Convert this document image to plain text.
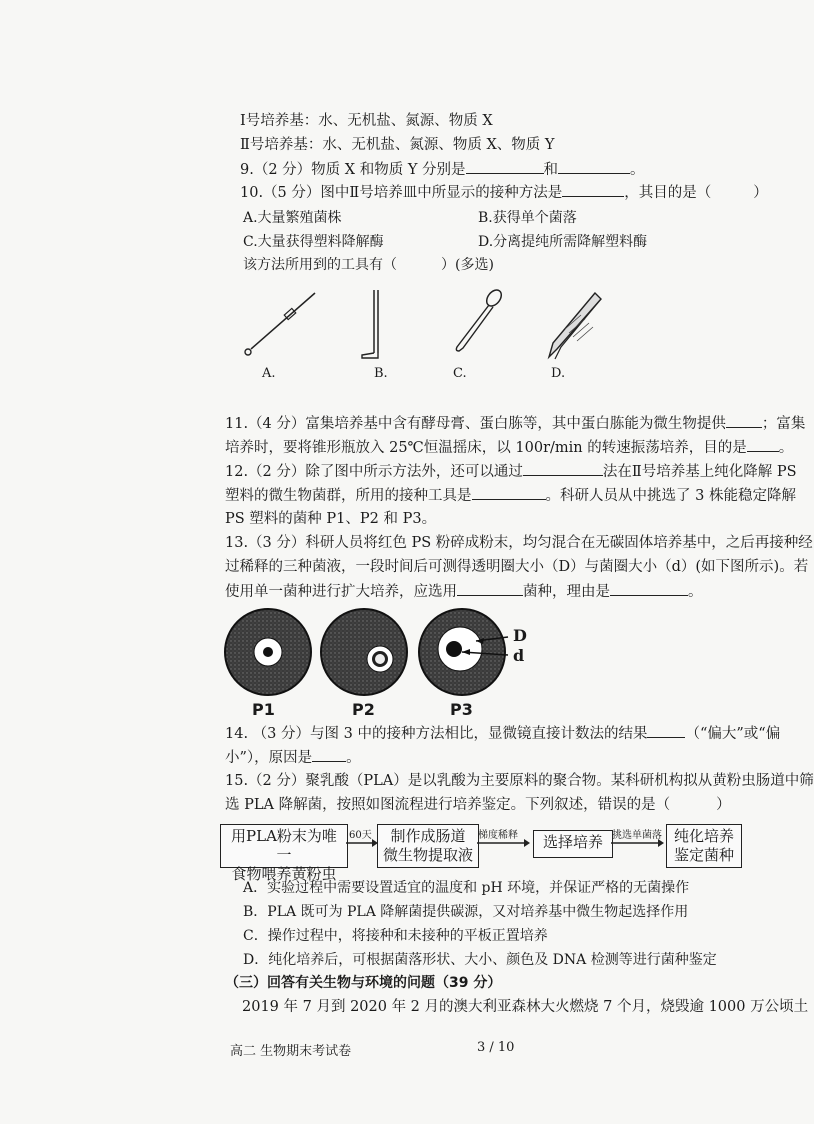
Ⅰ号培养基：水、无机盐、氮源、物质 X
Ⅱ号培养基：水、无机盐、氮源、物质 X、物质 Y
9.（2 分）物质 X 和物质 Y 分别是	和	。
10.（5 分）图中Ⅱ号培养皿中所显示的接种方法是	，其目的是（	）
A.大量繁殖菌株	B.获得单个菌落
C.大量获得塑料降解酶	D.分离提纯所需降解塑料酶
该方法所用到的工具有（	）(多选)
A.	B.	C.	D.
11.（4 分）富集培养基中含有酵母膏、蛋白胨等，其中蛋白胨能为微生物提供 ；富集
培养时，要将锥形瓶放入 25℃恒温摇床，以 100r/min 的转速振荡培养，目的是 。
12.（2 分）除了图中所示方法外，还可以通过	法在Ⅱ号培养基上纯化降解 PS
塑料的微生物菌群，所用的接种工具是	。科研人员从中挑选了 3 株能稳定降解
PS 塑料的菌种 P1、P2 和 P3。
13.（3 分）科研人员将红色 PS 粉碎成粉末，均匀混合在无碳固体培养基中，之后再接种经
过稀释的三种菌液，一段时间后可测得透明圈大小（D）与菌圈大小（d）(如下图所示)。若
使用单一菌种进行扩大培养，应选用	菌种，理由是	。
D
d
P1	P2	P3
14. （3 分）与图 3 中的接种方法相比，显微镜直接计数法的结果	（“偏大”或“偏
小”），原因是 。
15.（2 分）聚乳酸（PLA）是以乳酸为主要原料的聚合物。某科研机构拟从黄粉虫肠道中筛
选 PLA 降解菌，按照如图流程进行培养鉴定。下列叙述，错误的是（	）
用PLA粉末为唯一
食物喂养黄粉虫
制作成肠道
微生物提取液
选择培养	纯化培养
鉴定菌种
60天	梯度稀释	挑选单菌落
A．实验过程中需要设置适宜的温度和 pH 环境，并保证严格的无菌操作
B．PLA 既可为 PLA 降解菌提供碳源，又对培养基中微生物起选择作用
C．操作过程中，将接种和未接种的平板正置培养
D．纯化培养后，可根据菌落形状、大小、颜色及 DNA 检测等进行菌种鉴定
（三）回答有关生物与环境的问题（39 分）
2019 年 7 月到 2020 年 2 月的澳大利亚森林大火燃烧 7 个月，烧毁逾 1000 万公顷土
高二 生物期末考试卷	3 / 10
